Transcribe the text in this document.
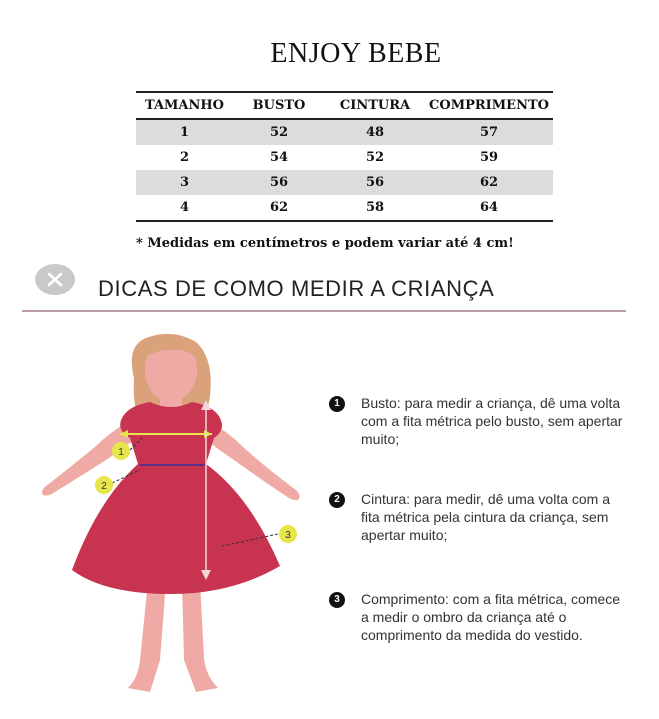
ENJOY BEBE
TAMANHO	BUSTO	CINTURA	COMPRIMENTO
1	52	48	57
2	54	52	59
3	56	56	62
4	62	58	64
* Medidas em centímetros e podem variar até 4 cm!
DICAS DE COMO MEDIR A CRIANÇA
1
2
3
1	Busto: para medir a criança, dê uma volta com a fita métrica pelo busto, sem apertar muito;
2	Cintura: para medir, dê uma volta com a fita métrica pela cintura da criança, sem apertar muito;
3	Comprimento: com a fita métrica, comece a medir o ombro da criança até o comprimento da medida do vestido.
